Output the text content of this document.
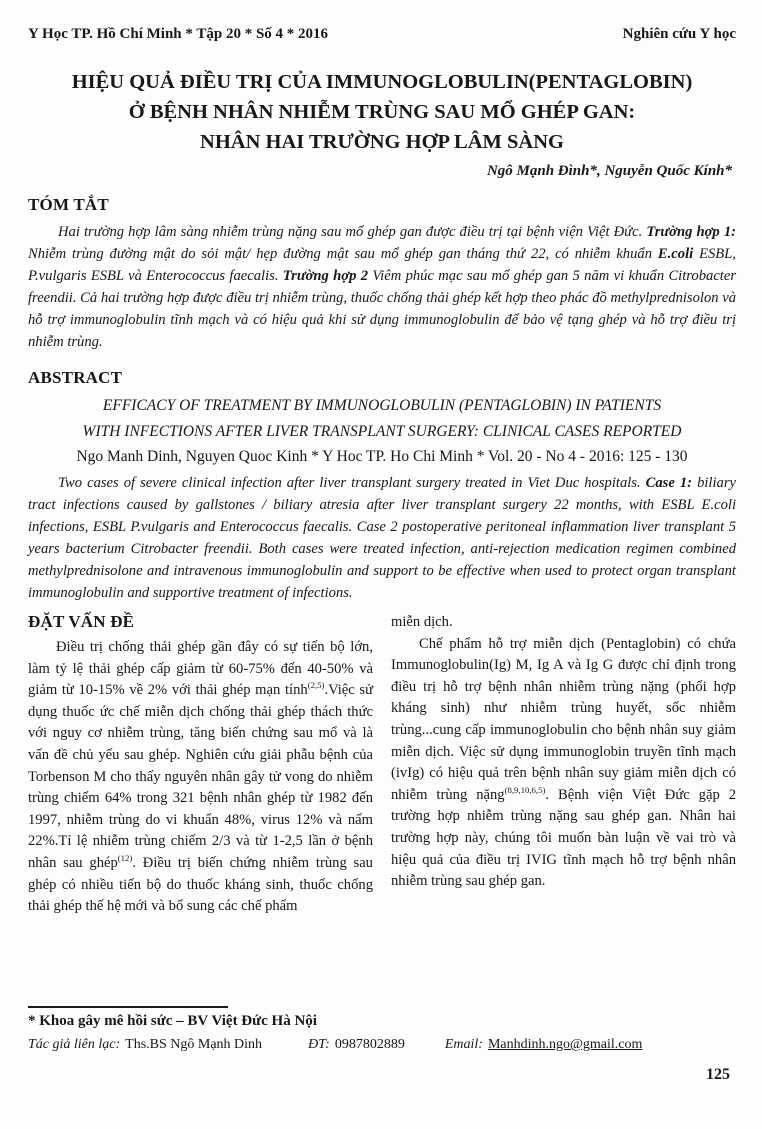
Y Học TP. Hồ Chí Minh * Tập 20 * Số 4 * 2016	Nghiên cứu Y học
HIỆU QUẢ ĐIỀU TRỊ CỦA IMMUNOGLOBULIN(PENTAGLOBIN)
Ở BỆNH NHÂN NHIỄM TRÙNG SAU MỔ GHÉP GAN:
NHÂN HAI TRƯỜNG HỢP LÂM SÀNG
Ngô Mạnh Đình*, Nguyễn Quốc Kính*
TÓM TẮT

Hai trường hợp lâm sàng nhiễm trùng nặng sau mổ ghép gan được điều trị tại bệnh viện Việt Đức. Trường hợp 1: Nhiễm trùng đường mật do sỏi mật/ hẹp đường mật sau mổ ghép gan tháng thứ 22, có nhiễm khuẩn E.coli ESBL, P.vulgaris ESBL và Enterococcus faecalis. Trường hợp 2 Viêm phúc mạc sau mổ ghép gan 5 năm vi khuẩn Citrobacter freendii. Cả hai trường hợp được điều trị nhiễm trùng, thuốc chống thải ghép kết hợp theo phác đồ methylprednisolon và hỗ trợ immunoglobulin tĩnh mạch và có hiệu quả khi sử dụng immunoglobulin để bảo vệ tạng ghép và hỗ trợ điều trị nhiễm trùng.

ABSTRACT
EFFICACY OF TREATMENT BY IMMUNOGLOBULIN (PENTAGLOBIN) IN PATIENTS
WITH INFECTIONS AFTER LIVER TRANSPLANT SURGERY: CLINICAL CASES REPORTED
Ngo Manh Dinh, Nguyen Quoc Kinh * Y Hoc TP. Ho Chi Minh * Vol. 20 - No 4 - 2016: 125 - 130

Two cases of severe clinical infection after liver transplant surgery treated in Viet Duc hospitals. Case 1: biliary tract infections caused by gallstones / biliary atresia after liver transplant surgery 22 months, with ESBL E.coli infections, ESBL P.vulgaris and Enterococcus faecalis. Case 2 postoperative peritoneal inflammation liver transplant 5 years bacterium Citrobacter freendii. Both cases were treated infection, anti-rejection medication regimen combined methylprednisolone and intravenous immunoglobulin and support to be effective when used to protect organ transplant immunoglobulin and supportive treatment of infections.

ĐẶT VẤN ĐỀ

Điều trị chống thải ghép gần đây có sự tiến bộ lớn, làm tỷ lệ thải ghép cấp giảm từ 60-75% đến 40-50% và giảm từ 10-15% về 2% với thải ghép mạn tính$^{(2,5)}$.Việc sử dụng thuốc ức chế miễn dịch chống thải ghép thách thức với nguy cơ nhiễm trùng, tăng biến chứng sau mổ và là vấn đề chủ yếu sau ghép. Nghiên cứu giải phẫu bệnh của Torbenson M cho thấy nguyên nhân gây tử vong do nhiễm trùng chiếm 64% trong 321 bệnh nhân ghép từ 1982 đến 1997, nhiễm trùng do vi khuẩn 48%, virus 12% và nấm 22%.Tỉ lệ nhiễm trùng chiếm 2/3 và từ 1-2,5 lần ở bệnh nhân sau ghép$^{(12)}$. Điều trị biến chứng nhiễm trùng sau ghép có nhiều tiến bộ do thuốc kháng sinh, thuốc chống thải ghép thế hệ mới và bổ sung các chế phẩm

miễn dịch.

Chế phẩm hỗ trợ miễn dịch (Pentaglobin) có chứa Immunoglobulin(Ig) M, Ig A và Ig G được chỉ định trong điều trị hỗ trợ bệnh nhân nhiễm trùng nặng (phối hợp kháng sinh) như nhiễm trùng huyết, sốc nhiễm trùng...cung cấp immunoglobulin cho bệnh nhân suy giảm miễn dịch. Việc sử dụng immunoglobin truyền tĩnh mạch (ivIg) có hiệu quả trên bệnh nhân suy giảm miễn dịch có nhiễm trùng nặng$^{(8,9,10,6,5)}$. Bệnh viện Việt Đức gặp 2 trường hợp nhiễm trùng nặng sau ghép gan. Nhân hai trường hợp này, chúng tôi muốn bàn luận về vai trò và hiệu quả của điều trị IVIG tĩnh mạch hỗ trợ bệnh nhân nhiễm trùng sau ghép gan.

* Khoa gây mê hồi sức – BV Việt Đức Hà Nội
Tác giả liên lạc: Ths.BS Ngô Mạnh Dinh	ĐT: 0987802889	Email: Manhdinh.ngo@gmail.com
125
